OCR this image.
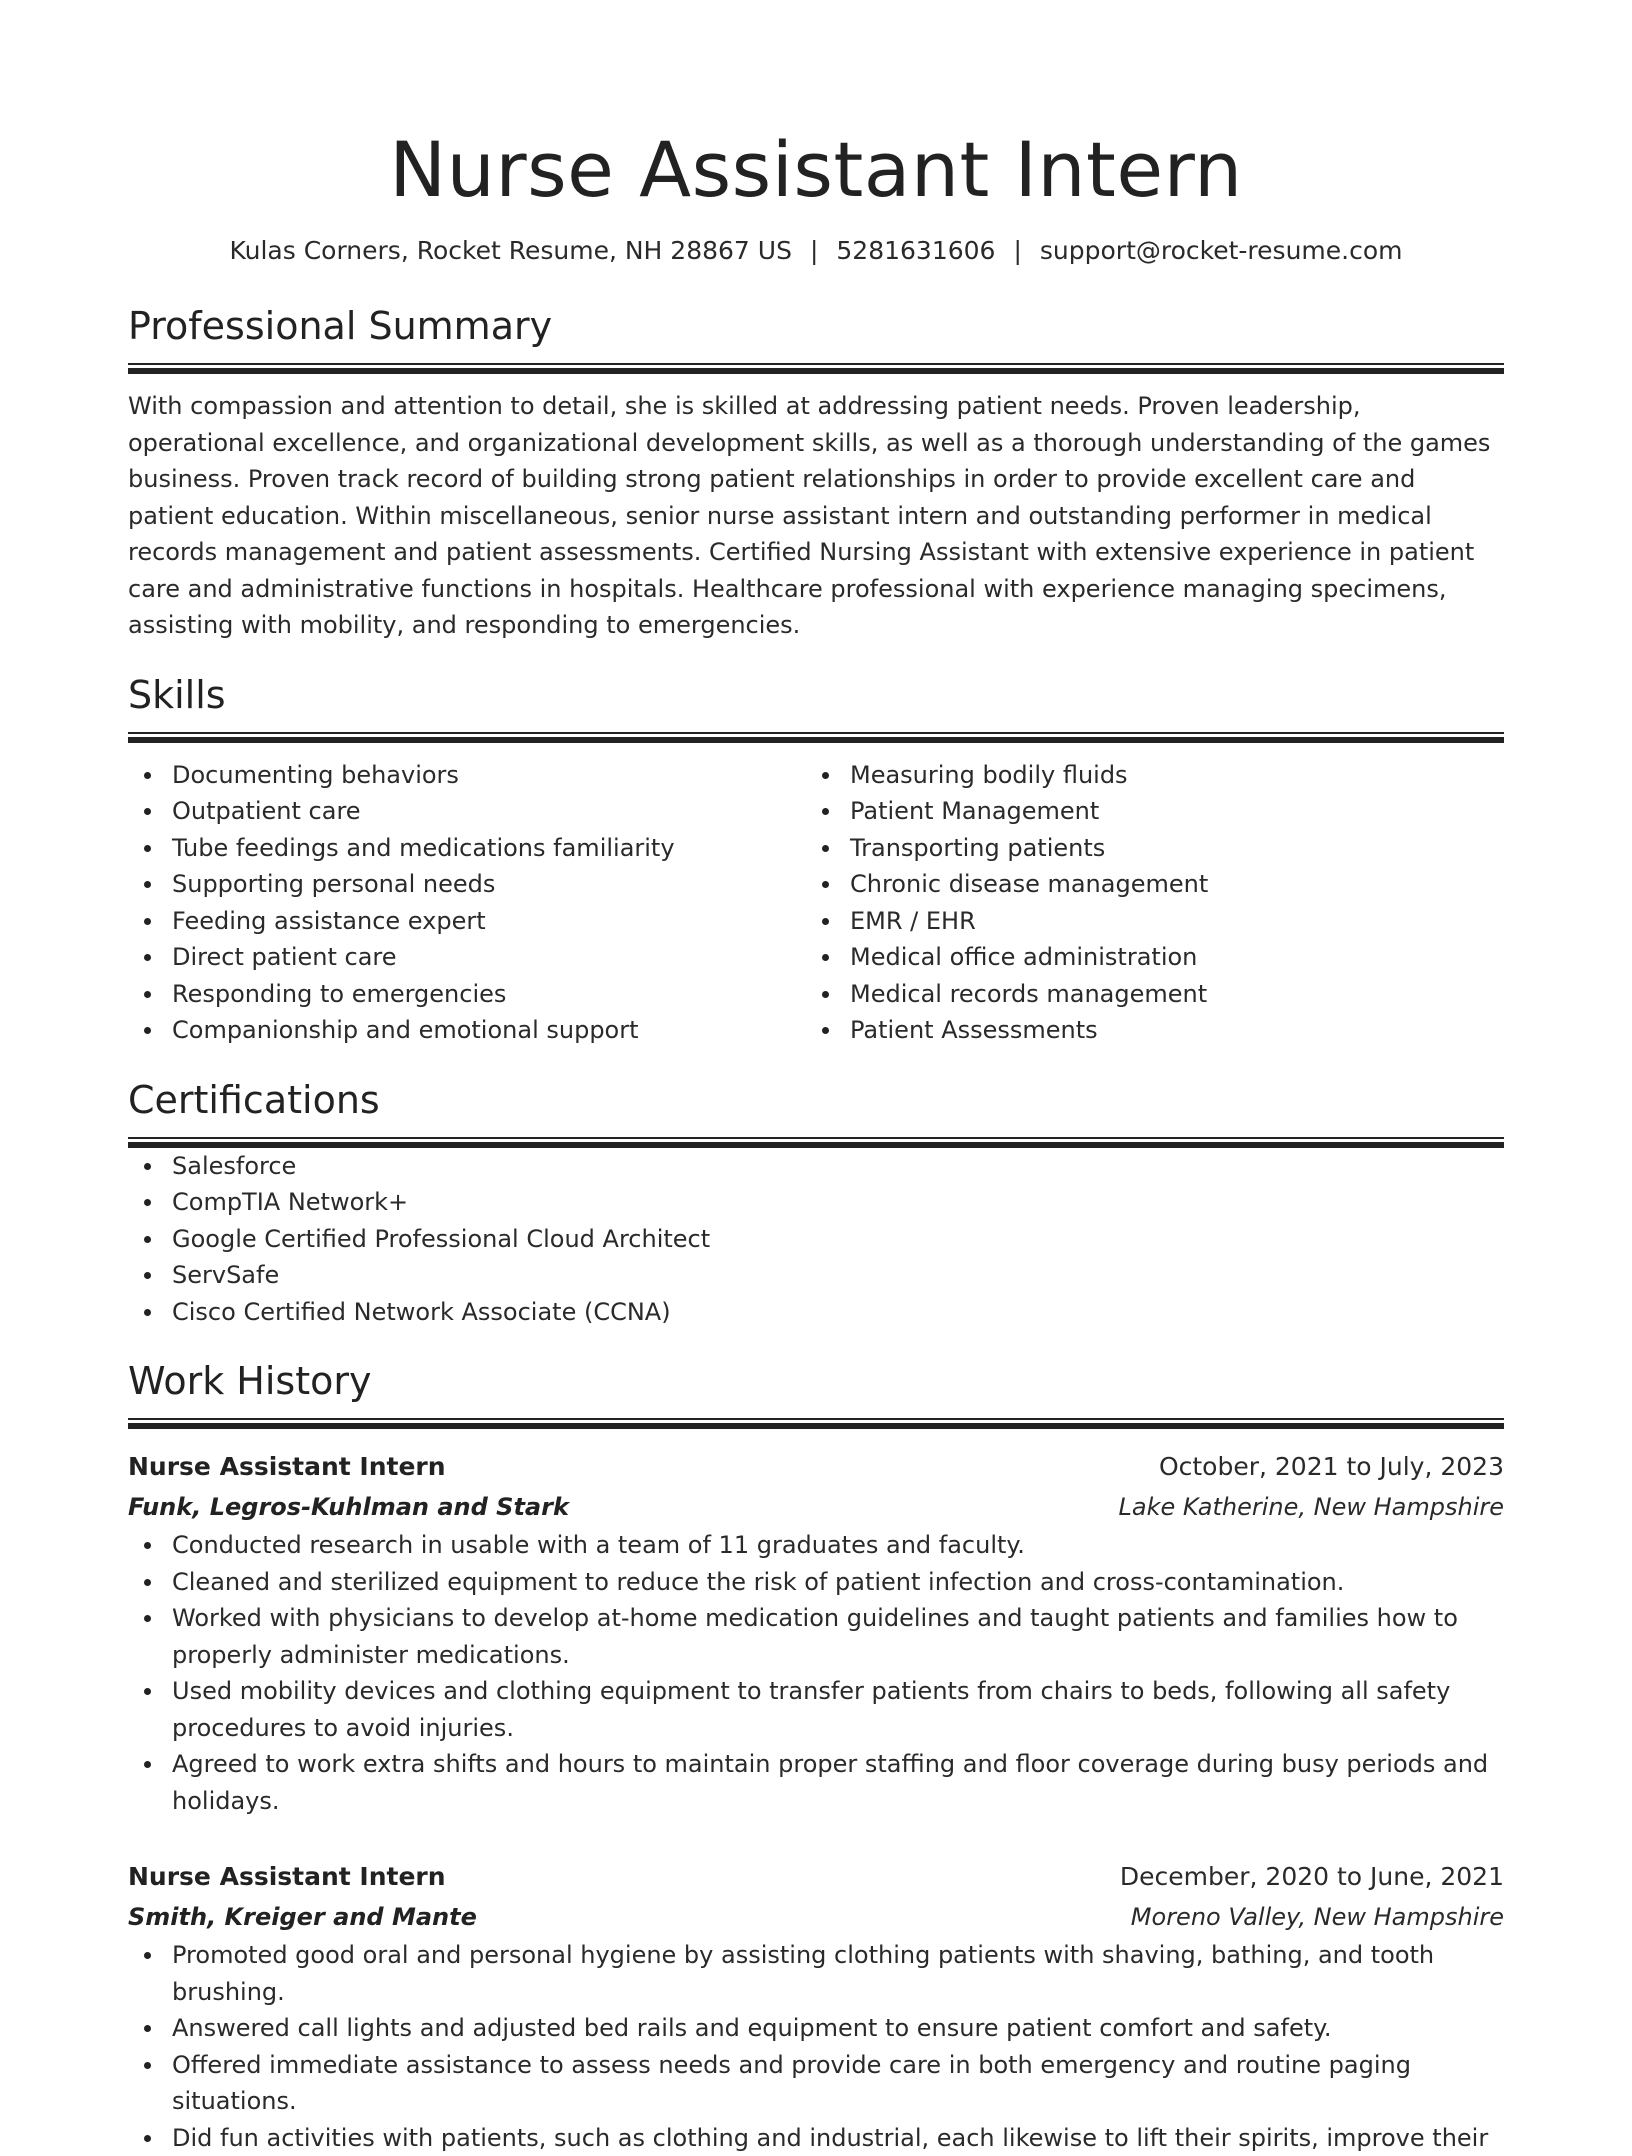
Nurse Assistant Intern
Kulas Corners, Rocket Resume, NH 28867 US | 5281631606 | support@rocket-resume.com
Professional Summary

With compassion and attention to detail, she is skilled at addressing patient needs. Proven leadership, operational excellence, and organizational development skills, as well as a thorough understanding of the games business. Proven track record of building strong patient relationships in order to provide excellent care and patient education. Within miscellaneous, senior nurse assistant intern and outstanding performer in medical records management and patient assessments. Certified Nursing Assistant with extensive experience in patient care and administrative functions in hospitals. Healthcare professional with experience managing specimens, assisting with mobility, and responding to emergencies.

Skills
Documenting behaviors
Outpatient care
Tube feedings and medications familiarity
Supporting personal needs
Feeding assistance expert
Direct patient care
Responding to emergencies
Companionship and emotional support
Measuring bodily fluids
Patient Management
Transporting patients
Chronic disease management
EMR / EHR
Medical office administration
Medical records management
Patient Assessments
Certifications
Salesforce
CompTIA Network+
Google Certified Professional Cloud Architect
ServSafe
Cisco Certified Network Associate (CCNA)
Work History
Nurse Assistant Intern	October, 2021 to July, 2023
Funk, Legros-Kuhlman and Stark	Lake Katherine, New Hampshire
Conducted research in usable with a team of 11 graduates and faculty.
Cleaned and sterilized equipment to reduce the risk of patient infection and cross-contamination.
Worked with physicians to develop at-home medication guidelines and taught patients and families how to properly administer medications.
Used mobility devices and clothing equipment to transfer patients from chairs to beds, following all safety procedures to avoid injuries.
Agreed to work extra shifts and hours to maintain proper staffing and floor coverage during busy periods and holidays.
Nurse Assistant Intern	December, 2020 to June, 2021
Smith, Kreiger and Mante	Moreno Valley, New Hampshire
Promoted good oral and personal hygiene by assisting clothing patients with shaving, bathing, and tooth brushing.
Answered call lights and adjusted bed rails and equipment to ensure patient comfort and safety.
Offered immediate assistance to assess needs and provide care in both emergency and routine paging situations.
Did fun activities with patients, such as clothing and industrial, each likewise to lift their spirits, improve their
